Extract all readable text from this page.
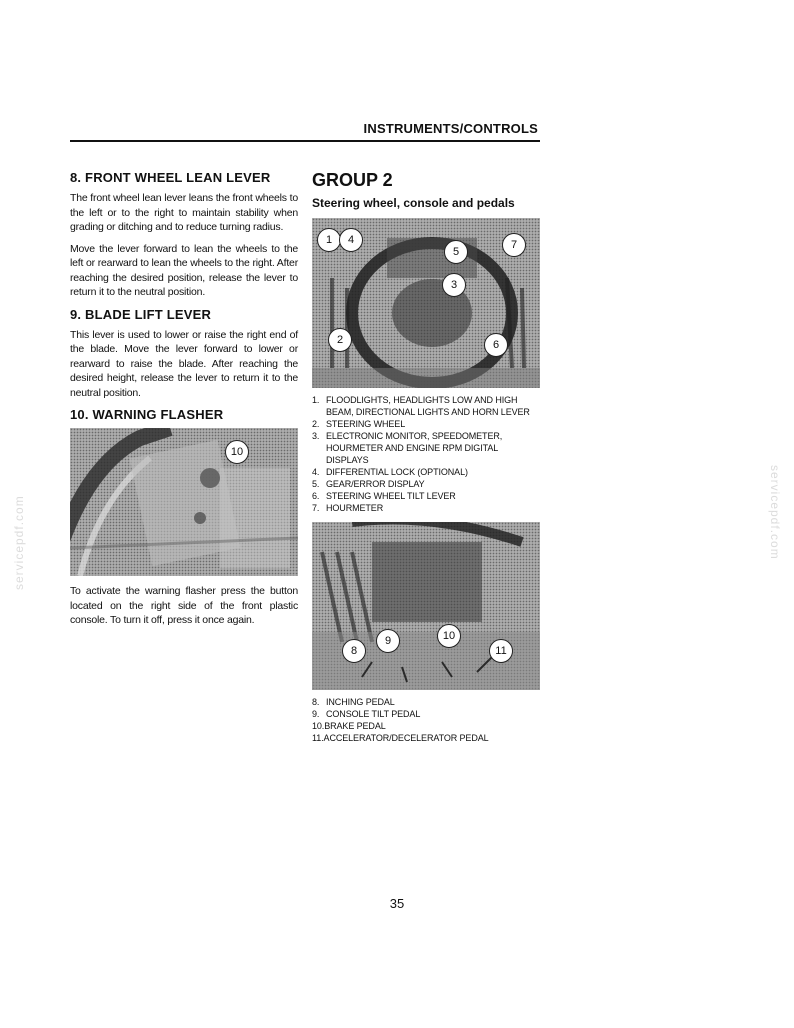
INSTRUMENTS/CONTROLS
8. FRONT WHEEL LEAN LEVER

The front wheel lean lever leans the front wheels to the left or to the right to maintain stability when grading or ditching and to reduce turning radius.

Move the lever forward to lean the wheels to the left or rearward to lean the wheels to the right. After reaching the desired position, release the lever to return it to the neutral position.

9. BLADE LIFT LEVER

This lever is used to lower or raise the right end of the blade. Move the lever forward to lower or rearward to raise the blade. After reaching the desired height, release the lever to return it to the neutral position.

10. WARNING FLASHER
10

To activate the warning flasher press the button located on the right side of the front plastic console. To turn it off, press it once again.

GROUP 2
Steering wheel, console and pedals
1	4	7
5
3
2	6
1. FLOODLIGHTS, HEADLIGHTS LOW AND HIGH BEAM, DIRECTIONAL LIGHTS AND HORN LEVER
2. STEERING WHEEL
3. ELECTRONIC MONITOR, SPEEDOMETER, HOURMETER AND ENGINE RPM DIGITAL DISPLAYS
4. DIFFERENTIAL LOCK (OPTIONAL)
5. GEAR/ERROR DISPLAY
6. STEERING WHEEL TILT LEVER
7. HOURMETER
8
9	10
11
8. INCHING PEDAL
9. CONSOLE TILT PEDAL
10. BRAKE PEDAL
11. ACCELERATOR/DECELERATOR PEDAL
35
servicepdf.com	servicepdf.com
